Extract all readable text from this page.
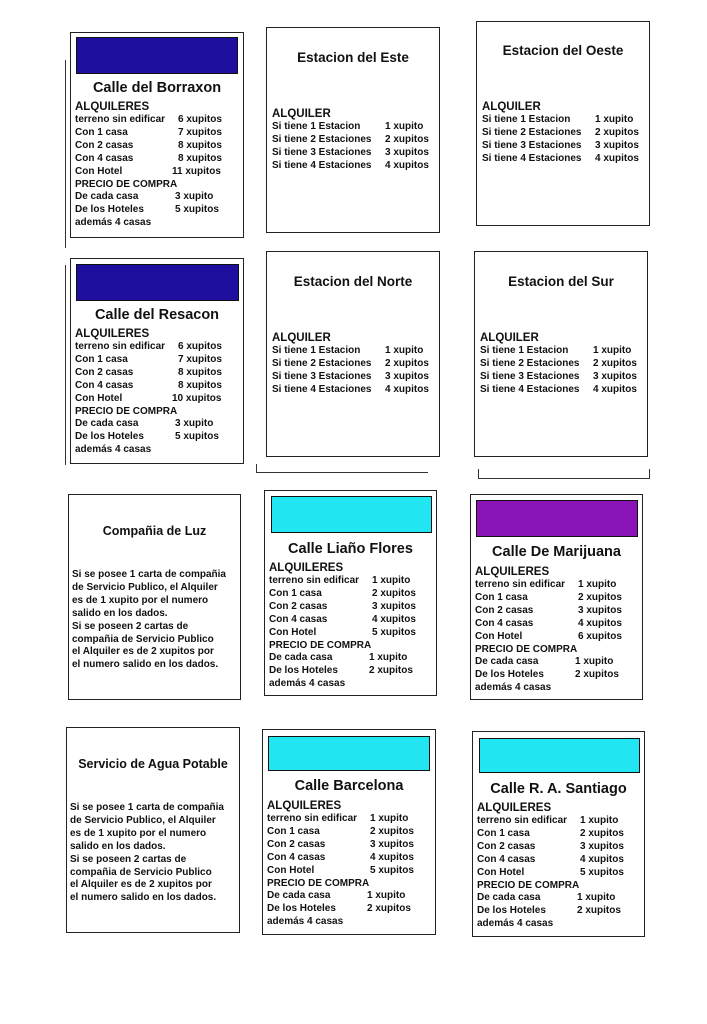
Calle del Borraxon
ALQUILERES
terreno sin edificar	6 xupitos
Con 1 casa	7 xupitos
Con 2 casas	8 xupitos
Con 4 casas	8 xupitos
Con Hotel	11 xupitos
PRECIO DE COMPRA
De cada casa	3 xupito
De los Hoteles	5 xupitos
además 4 casas
Estacion del Este
ALQUILER
Si tiene 1 Estacion	1 xupito
Si tiene 2 Estaciones	2 xupitos
Si tiene 3 Estaciones	3 xupitos
Si tiene 4 Estaciones	4 xupitos
Estacion del Oeste
ALQUILER
Si tiene 1 Estacion	1 xupito
Si tiene 2 Estaciones	2 xupitos
Si tiene 3 Estaciones	3 xupitos
Si tiene 4 Estaciones	4 xupitos
Calle del Resacon
ALQUILERES
terreno sin edificar	6 xupitos
Con 1 casa	7 xupitos
Con 2 casas	8 xupitos
Con 4 casas	8 xupitos
Con Hotel	10 xupitos
PRECIO DE COMPRA
De cada casa	3 xupito
De los Hoteles	5 xupitos
además 4 casas
Estacion del Norte
ALQUILER
Si tiene 1 Estacion	1 xupito
Si tiene 2 Estaciones	2 xupitos
Si tiene 3 Estaciones	3 xupitos
Si tiene 4 Estaciones	4 xupitos
Estacion del Sur
ALQUILER
Si tiene 1 Estacion	1 xupito
Si tiene 2 Estaciones	2 xupitos
Si tiene 3 Estaciones	3 xupitos
Si tiene 4 Estaciones	4 xupitos
Compañia de Luz
Si se posee 1 carta de compañia
de Servicio Publico, el Alquiler
es de 1 xupito por el numero
salido en los dados.
Si se poseen 2 cartas de
compañia de Servicio Publico
el Alquiler es de 2 xupitos por
el numero salido en los dados.
Calle Liaño Flores
ALQUILERES
terreno sin edificar	1 xupito
Con 1 casa	2 xupitos
Con 2 casas	3 xupitos
Con 4 casas	4 xupitos
Con Hotel	5 xupitos
PRECIO DE COMPRA
De cada casa	1 xupito
De los Hoteles	2 xupitos
además 4 casas
Calle De Marijuana
ALQUILERES
terreno sin edificar	1 xupito
Con 1 casa	2 xupitos
Con 2 casas	3 xupitos
Con 4 casas	4 xupitos
Con Hotel	6 xupitos
PRECIO DE COMPRA
De cada casa	1 xupito
De los Hoteles	2 xupitos
además 4 casas
Servicio de Agua Potable
Si se posee 1 carta de compañia
de Servicio Publico, el Alquiler
es de 1 xupito por el numero
salido en los dados.
Si se poseen 2 cartas de
compañia de Servicio Publico
el Alquiler es de 2 xupitos por
el numero salido en los dados.
Calle Barcelona
ALQUILERES
terreno sin edificar	1 xupito
Con 1 casa	2 xupitos
Con 2 casas	3 xupitos
Con 4 casas	4 xupitos
Con Hotel	5 xupitos
PRECIO DE COMPRA
De cada casa	1 xupito
De los Hoteles	2 xupitos
además 4 casas
Calle R. A. Santiago
ALQUILERES
terreno sin edificar	1 xupito
Con 1 casa	2 xupitos
Con 2 casas	3 xupitos
Con 4 casas	4 xupitos
Con Hotel	5 xupitos
PRECIO DE COMPRA
De cada casa	1 xupito
De los Hoteles	2 xupitos
además 4 casas
